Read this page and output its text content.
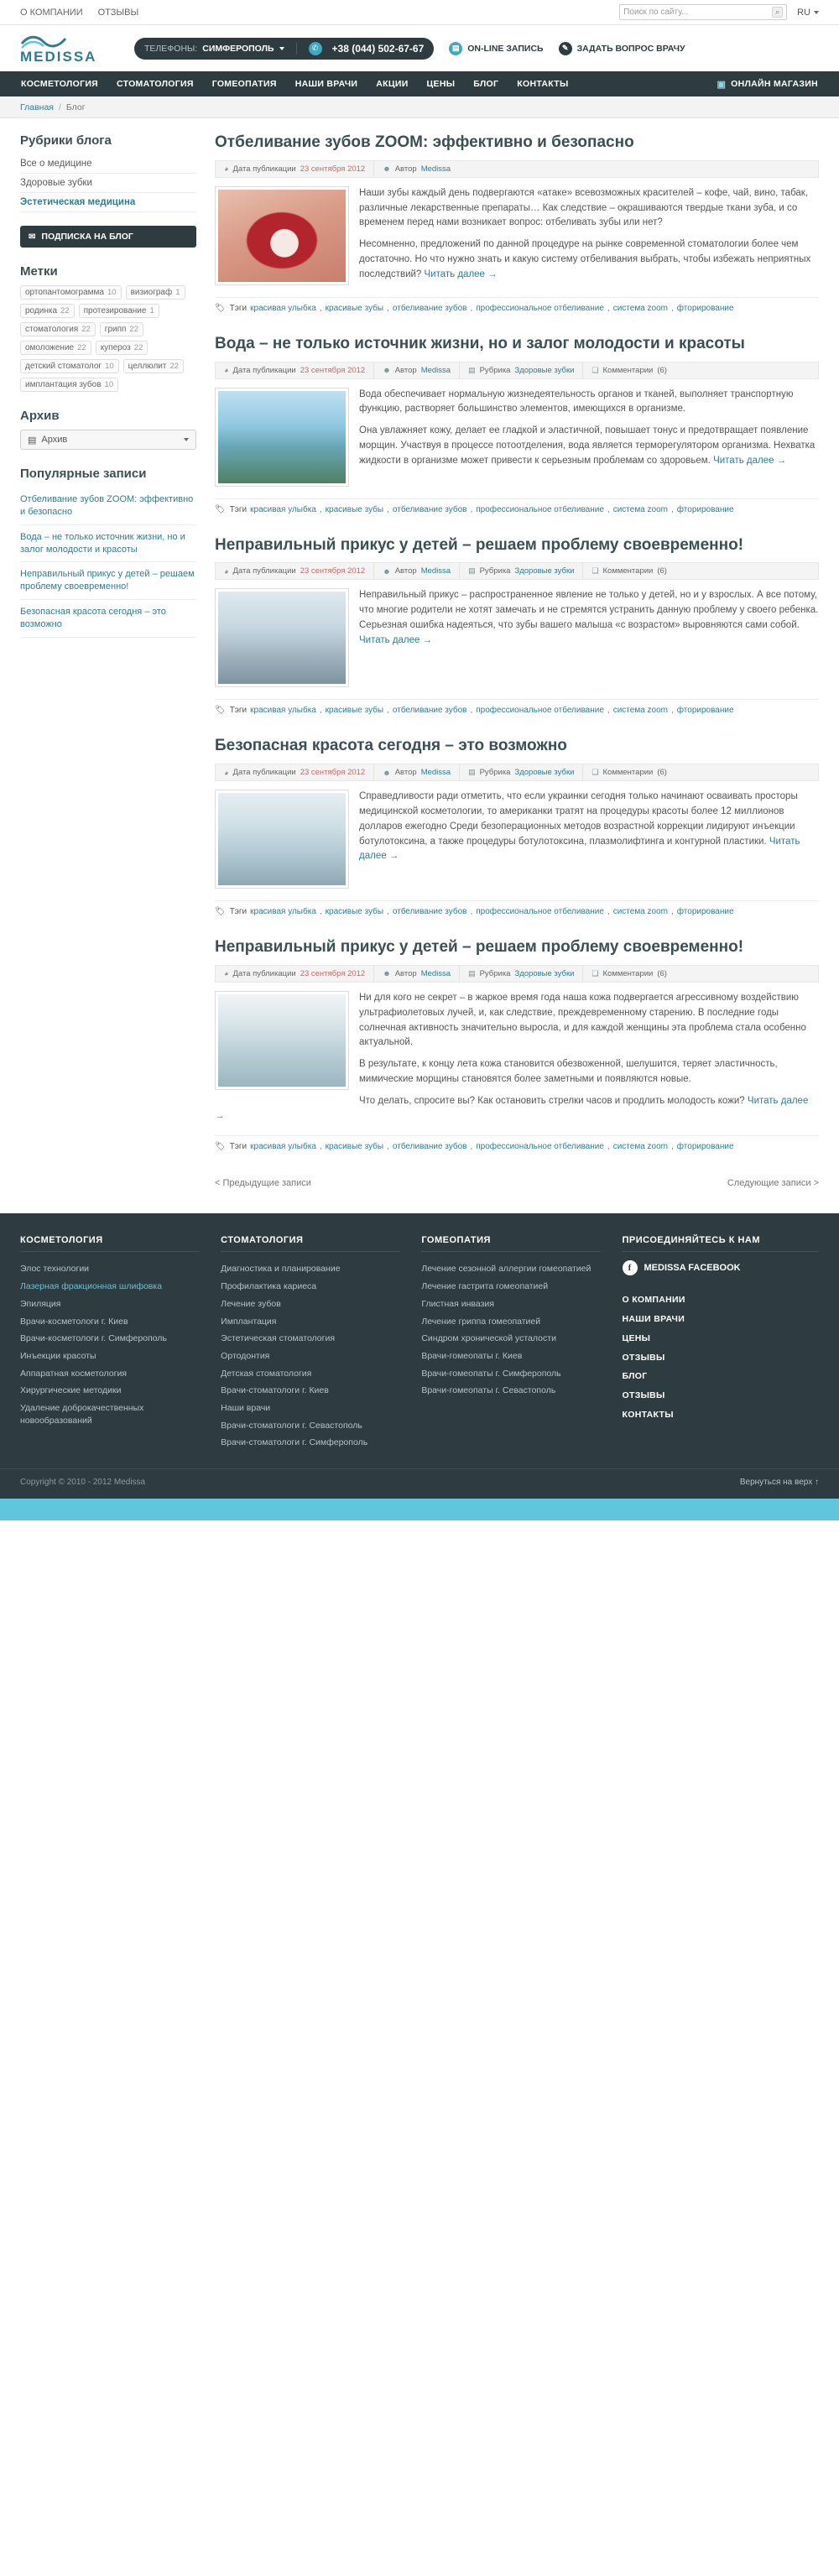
О КОМПАНИИ ОТЗЫВЫ	Поиск по сайту...	⌕	RU
MEDISSA	ТЕЛЕФОНЫ: СИМФЕРОПОЛЬ	✆	+38 (044) 502-67-67	▤ ON-LINE ЗАПИСЬ	✎ ЗАДАТЬ ВОПРОС ВРАЧУ
КОСМЕТОЛОГИЯ	СТОМАТОЛОГИЯ	ГОМЕОПАТИЯ	НАШИ ВРАЧИ	АКЦИИ	ЦЕНЫ	БЛОГ	КОНТАКТЫ	▣ ОНЛАЙН МАГАЗИН
Главная / Блог
Рубрики блога
Все о медицине
Здоровые зубки
Эстетическая медицина
✉ ПОДПИСКА НА БЛОГ
Метки
ортопантомограмма 10 визиограф 1
родинка 22 протезирование 1
стоматология 22 грипп 22
омоложение 22 купероз 22
детский стоматолог 10 целлюлит 22
имплантация зубов 10
Архив
▤ Архив
Популярные записи
Отбеливание зубов ZOOM: эффективно и безопасно
Вода – не только источник жизни, но и залог молодости и красоты
Неправильный прикус у детей – решаем проблему своевременно!
Безопасная красота сегодня – это возможно
Отбеливание зубов ZOOM: эффективно и безопасно
◕ Дата публикации 23 сентября 2012 ☻ Автор Medissa

Наши зубы каждый день подвергаются «атаке» всевозможных красителей – кофе, чай, вино, табак, различные лекарственные препараты… Как следствие – окрашиваются твердые ткани зуба, и со временем перед нами возникает вопрос: отбеливать зубы или нет?

Несомненно, предложений по данной процедуре на рынке современной стоматологии более чем достаточно. Но что нужно знать и какую систему отбеливания выбрать, чтобы избежать неприятных последствий? Читать далее →

🏷 Тэги красивая улыбка , красивые зубы , отбеливание зубов , профессиональное отбеливание , система zoom , фторирование
Вода – не только источник жизни, но и залог молодости и красоты
◕ Дата публикации 23 сентября 2012 ☻ Автор Medissa ▤ Рубрика Здоровые зубки ❏ Комментарии (6)

Вода обеспечивает нормальную жизнедеятельность органов и тканей, выполняет транспортную функцию, растворяет большинство элементов, имеющихся в организме.

Она увлажняет кожу, делает ее гладкой и эластичной, повышает тонус и предотвращает появление морщин. Участвуя в процессе потоотделения, вода является терморегулятором организма. Нехватка жидкости в организме может привести к серьезным проблемам со здоровьем. Читать далее →

🏷 Тэги красивая улыбка , красивые зубы , отбеливание зубов , профессиональное отбеливание , система zoom , фторирование
Неправильный прикус у детей – решаем проблему своевременно!
◕ Дата публикации 23 сентября 2012 ☻ Автор Medissa ▤ Рубрика Здоровые зубки ❏ Комментарии (6)

Неправильный прикус – распространенное явление не только у детей, но и у взрослых. А все потому, что многие родители не хотят замечать и не стремятся устранить данную проблему у своего ребенка. Серьезная ошибка надеяться, что зубы вашего малыша «с возрастом» выровняются сами собой. Читать далее →

🏷 Тэги красивая улыбка , красивые зубы , отбеливание зубов , профессиональное отбеливание , система zoom , фторирование
Безопасная красота сегодня – это возможно
◕ Дата публикации 23 сентября 2012 ☻ Автор Medissa ▤ Рубрика Здоровые зубки ❏ Комментарии (6)

Справедливости ради отметить, что если украинки сегодня только начинают осваивать просторы медицинской косметологии, то американки тратят на процедуры красоты более 12 миллионов долларов ежегодно Среди безоперационных методов возрастной коррекции лидируют инъекции ботулотоксина, а также процедуры ботулотоксина, плазмолифтинга и контурной пластики. Читать далее →

🏷 Тэги красивая улыбка , красивые зубы , отбеливание зубов , профессиональное отбеливание , система zoom , фторирование
Неправильный прикус у детей – решаем проблему своевременно!
◕ Дата публикации 23 сентября 2012 ☻ Автор Medissa ▤ Рубрика Здоровые зубки ❏ Комментарии (6)

Ни для кого не секрет – в жаркое время года наша кожа подвергается агрессивному воздействию ультрафиолетовых лучей, и, как следствие, преждевременному старению. В последние годы солнечная активность значительно выросла, и для каждой женщины эта проблема стала особенно актуальной.

В результате, к концу лета кожа становится обезвоженной, шелушится, теряет эластичность, мимические морщины становятся более заметными и появляются новые.

Что делать, спросите вы? Как остановить стрелки часов и продлить молодость кожи? Читать далее →

🏷 Тэги красивая улыбка , красивые зубы , отбеливание зубов , профессиональное отбеливание , система zoom , фторирование
< Предыдущие записи	Следующие записи >
КОСМЕТОЛОГИЯ
Элос технологии
Лазерная фракционная шлифовка
Эпиляция
Врачи-косметологи г. Киев
Врачи-косметологи г. Симферополь
Инъекции красоты
Аппаратная косметология
Хирургические методики
Удаление доброкачественных новообразований
СТОМАТОЛОГИЯ
Диагностика и планирование
Профилактика кариеса
Лечение зубов
Имплантация
Эстетическая стоматология
Ортодонтия
Детская стоматология
Врачи-стоматологи г. Киев
Наши врачи
Врачи-стоматологи г. Севастополь
Врачи-стоматологи г. Симферополь
ГОМЕОПАТИЯ
Лечение сезонной аллергии гомеопатией
Лечение гастрита гомеопатией
Глистная инвазия
Лечение гриппа гомеопатией
Синдром хронической усталости
Врачи-гомеопаты г. Киев
Врачи-гомеопаты г. Симферополь
Врачи-гомеопаты г. Севастополь
ПРИСОЕДИНЯЙТЕСЬ К НАМ
f	MEDISSA FACEBOOK
О КОМПАНИИ
НАШИ ВРАЧИ
ЦЕНЫ
ОТЗЫВЫ
БЛОГ
ОТЗЫВЫ
КОНТАКТЫ
Copyright © 2010 - 2012 Medissa	Вернуться на верх ↑
